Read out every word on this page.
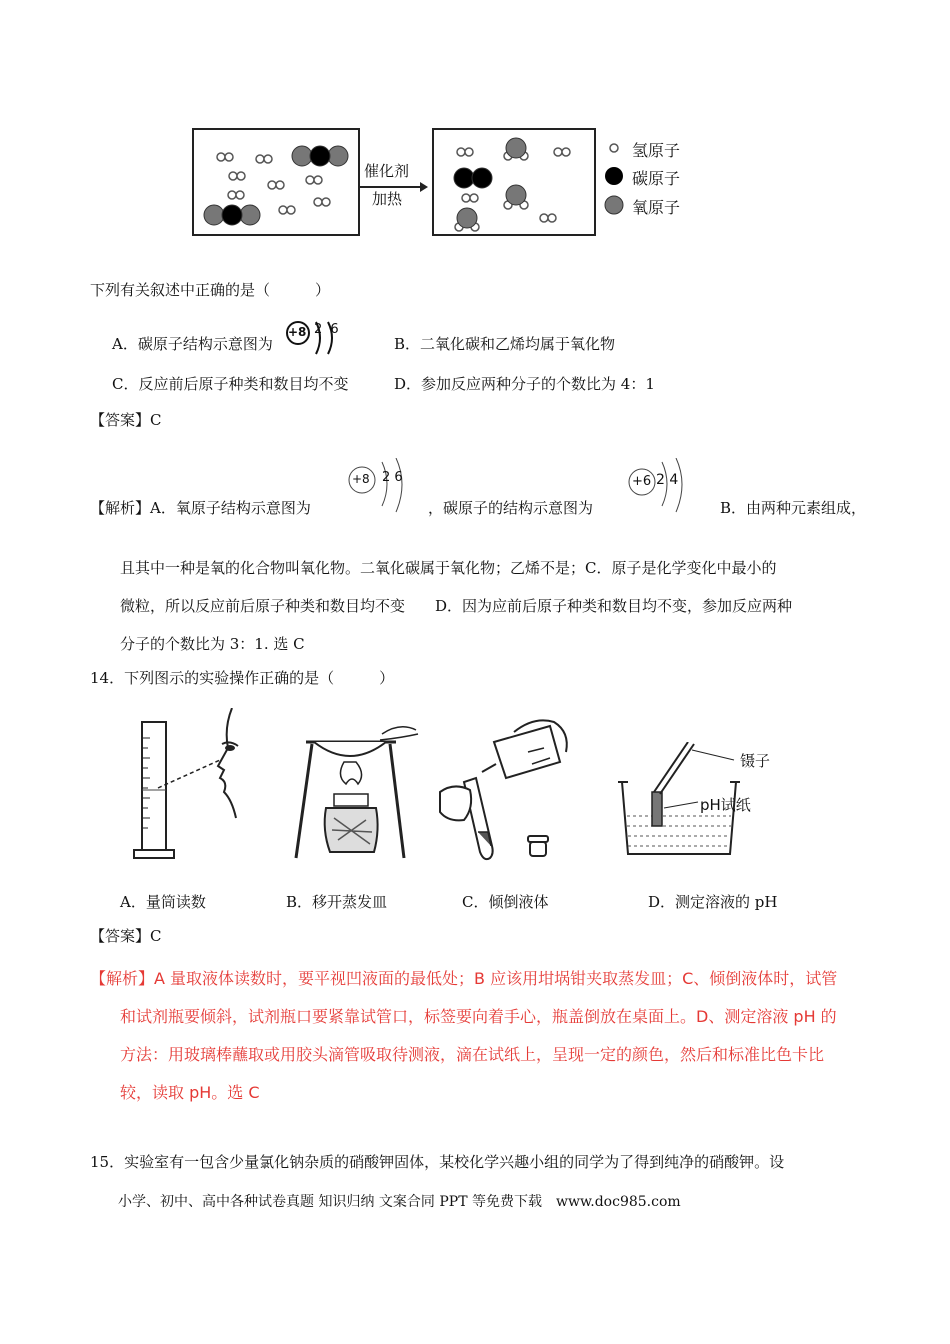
催化剂
加热
氢原子
碳原子
氧原子
下列有关叙述中正确的是（　　　）
A．碳原子结构示意图为
+8 2 6
B．二氧化碳和乙烯均属于氧化物
C．反应前后原子种类和数目均不变	D．参加反应两种分子的个数比为 4：1
【答案】C
【解析】A．氧原子结构示意图为
+8 2 6
，碳原子的结构示意图为
+6 2 4
B．由两种元素组成，
且其中一种是氧的化合物叫氧化物。二氧化碳属于氧化物；乙烯不是；C．原子是化学变化中最小的
微粒，所以反应前后原子种类和数目均不变　　D．因为应前后原子种类和数目均不变，参加反应两种
分子的个数比为 3：1. 选 C
14．下列图示的实验操作正确的是（　　　）
镊子
pH试纸
A．量筒读数	B．移开蒸发皿	C．倾倒液体	D．测定溶液的 pH
【答案】C
【解析】A 量取液体读数时，要平视凹液面的最低处；B 应该用坩埚钳夹取蒸发皿；C、倾倒液体时，试管
和试剂瓶要倾斜，试剂瓶口要紧靠试管口，标签要向着手心，瓶盖倒放在桌面上。D、测定溶液 pH 的
方法：用玻璃棒蘸取或用胶头滴管吸取待测液，滴在试纸上，呈现一定的颜色，然后和标准比色卡比
较，读取 pH。选 C
15．实验室有一包含少量氯化钠杂质的硝酸钾固体，某校化学兴趣小组的同学为了得到纯净的硝酸钾。设
小学、初中、高中各种试卷真题 知识归纳 文案合同 PPT 等免费下载　www.doc985.com
